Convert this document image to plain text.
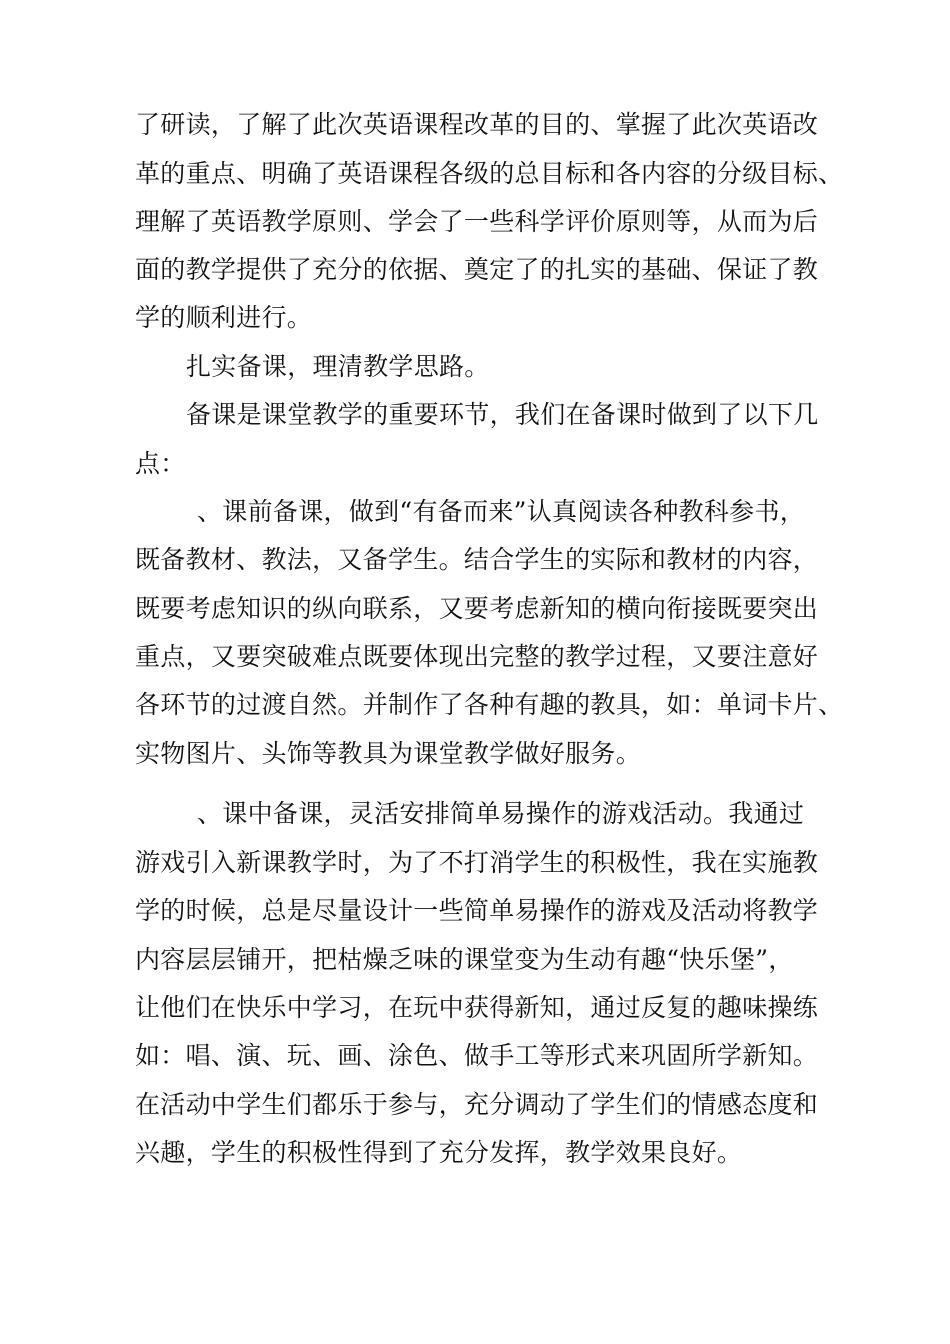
了研读，了解了此次英语课程改革的目的、掌握了此次英语改
革的重点、明确了英语课程各级的总目标和各内容的分级目标、
理解了英语教学原则、学会了一些科学评价原则等，从而为后
面的教学提供了充分的依据、奠定了的扎实的基础、保证了教
学的顺利进行。
扎实备课，理清教学思路。
备课是课堂教学的重要环节，我们在备课时做到了以下几
点：
、课前备课，做到“有备而来”认真阅读各种教科参书，
既备教材、教法，又备学生。结合学生的实际和教材的内容，
既要考虑知识的纵向联系，又要考虑新知的横向衔接既要突出
重点，又要突破难点既要体现出完整的教学过程，又要注意好
各环节的过渡自然。并制作了各种有趣的教具，如：单词卡片、
实物图片、头饰等教具为课堂教学做好服务。
、课中备课，灵活安排简单易操作的游戏活动。我通过
游戏引入新课教学时，为了不打消学生的积极性，我在实施教
学的时候，总是尽量设计一些简单易操作的游戏及活动将教学
内容层层铺开，把枯燥乏味的课堂变为生动有趣“快乐堡”，
让他们在快乐中学习，在玩中获得新知，通过反复的趣味操练
如：唱、演、玩、画、涂色、做手工等形式来巩固所学新知。
在活动中学生们都乐于参与，充分调动了学生们的情感态度和
兴趣，学生的积极性得到了充分发挥，教学效果良好。
